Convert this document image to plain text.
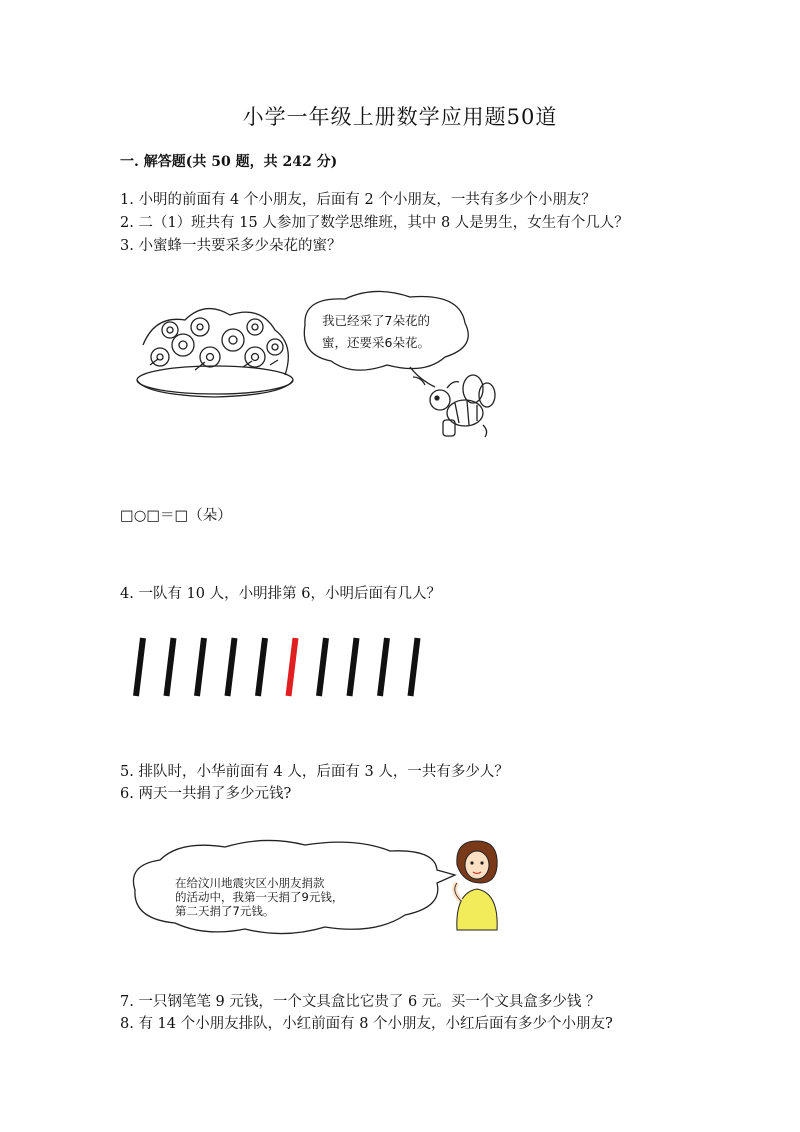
小学一年级上册数学应用题50道
一. 解答题(共 50 题，共 242 分)
1. 小明的前面有 4 个小朋友，后面有 2 个小朋友，一共有多少个小朋友？
2. 二（1）班共有 15 人参加了数学思维班，其中 8 人是男生，女生有个几人？
3. 小蜜蜂一共要采多少朵花的蜜？
我已经采了7朵花的
蜜，还要采6朵花。
□○□＝□（朵）
4. 一队有 10 人，小明排第 6，小明后面有几人？
5. 排队时，小华前面有 4 人，后面有 3 人，一共有多少人？
6. 两天一共捐了多少元钱?
在给汶川地震灾区小朋友捐款
的活动中，我第一天捐了9元钱，
第二天捐了7元钱。
7. 一只钢笔笔 9 元钱，一个文具盒比它贵了 6 元。买一个文具盒多少钱 ？
8. 有 14 个小朋友排队，小红前面有 8 个小朋友，小红后面有多少个小朋友?
